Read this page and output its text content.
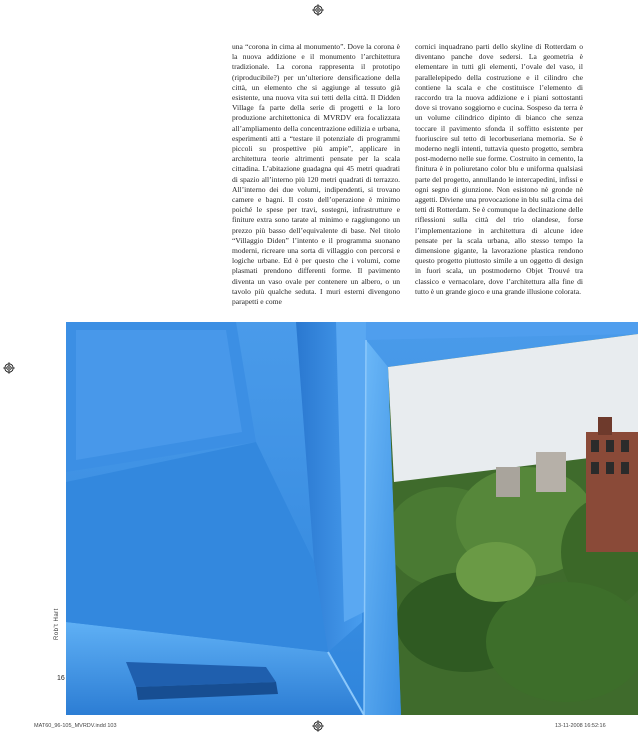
una “corona in cima al monumento”. Dove la corona è la nuova addizione e il monumento l’architettura tradizionale. La corona rappresenta il prototipo (riproducibile?) per un’ulteriore densificazione della città, un elemento che si aggiunge al tessuto già esistente, una nuova vita sui tetti della città. Il Didden Village fa parte della serie di progetti e la loro produzione architettonica di MVRDV era focalizzata all’ampliamento della concentrazione edilizia e urbana, esperimenti atti a “testare il potenziale di programmi piccoli su prospettive più ampie”, applicare in architettura teorie altrimenti pensate per la scala cittadina. L’abitazione guadagna qui 45 metri quadrati di spazio all’interno più 120 metri quadrati di terrazzo. All’interno dei due volumi, indipendenti, si trovano camere e bagni. Il costo dell’operazione è minimo poiché le spese per travi, sostegni, infrastrutture e finiture extra sono tarate al minimo e raggiungono un prezzo più basso dell’equivalente di base. Nel titolo “Villaggio Diden” l’intento e il programma suonano moderni, ricreare una sorta di villaggio con percorsi e logiche urbane. Ed è per questo che i volumi, come plasmati prendono differenti forme. Il pavimento diventa un vaso ovale per contenere un albero, o un tavolo più qualche seduta. I muri esterni divengono parapetti e come
cornici inquadrano parti dello skyline di Rotterdam o diventano panche dove sedersi. La geometria è elementare in tutti gli elementi, l’ovale del vaso, il parallelepipedo della costruzione e il cilindro che contiene la scala e che costituisce l’elemento di raccordo tra la nuova addizione e i piani sottostanti dove si trovano soggiorno e cucina. Sospeso da terra è un volume cilindrico dipinto di bianco che senza toccare il pavimento sfonda il soffitto esistente per fuoriuscire sul tetto di lecorbuseriana memoria. Se è moderno negli intenti, tuttavia questo progetto, sembra post-moderno nelle sue forme. Costruito in cemento, la finitura è in poliuretano color blu e uniforma qualsiasi parte del progetto, annullando le intercapedini, infissi e ogni segno di giunzione. Non esistono nè gronde nè aggetti. Diviene una provocazione in blu sulla cima dei tetti di Rotterdam. Se è comunque la declinazione delle riflessioni sulla città del trio olandese, forse l’implementazione in architettura di alcune idee pensate per la scala urbana, allo stesso tempo la dimensione gigante, la lavorazione plastica rendono questo progetto piuttosto simile a un oggetto di design in fuori scala, un postmoderno Objet Trouvé tra classico e vernacolare, dove l’architettura alla fine di tutto è un grande gioco e una grande illusione colorata.
Rob't Hart
16
MAT60_96-105_MVRDV.indd 103	13-11-2008 16:52:16
